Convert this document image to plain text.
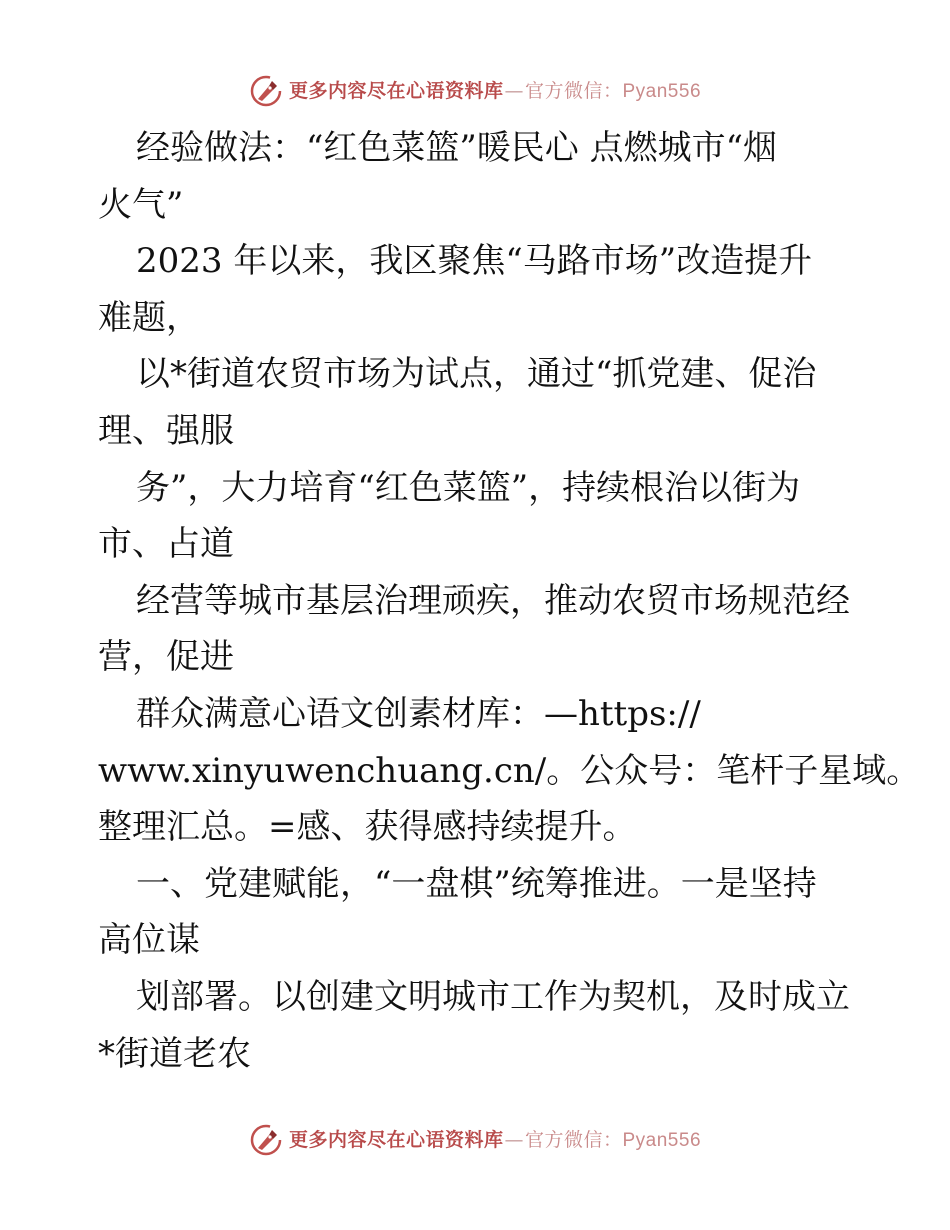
更多内容尽在心语资料库 — 官方微信： Pyan556
经验做法：“红色菜篮”暖民心 点燃城市“烟
火气”
2023 年以来，我区聚焦“马路市场”改造提升
难题，
以*街道农贸市场为试点，通过“抓党建、促治
理、强服
务”，大力培育“红色菜篮”，持续根治以街为
市、占道
经营等城市基层治理顽疾，推动农贸市场规范经
营，促进
群众满意心语文创素材库：—https://
www.xinyuwenchuang.cn/。公众号：笔杆子星域。
整理汇总。=感、获得感持续提升。
一、党建赋能，“一盘棋”统筹推进。一是坚持
高位谋
划部署。以创建文明城市工作为契机，及时成立
*街道老农
更多内容尽在心语资料库 — 官方微信： Pyan556
